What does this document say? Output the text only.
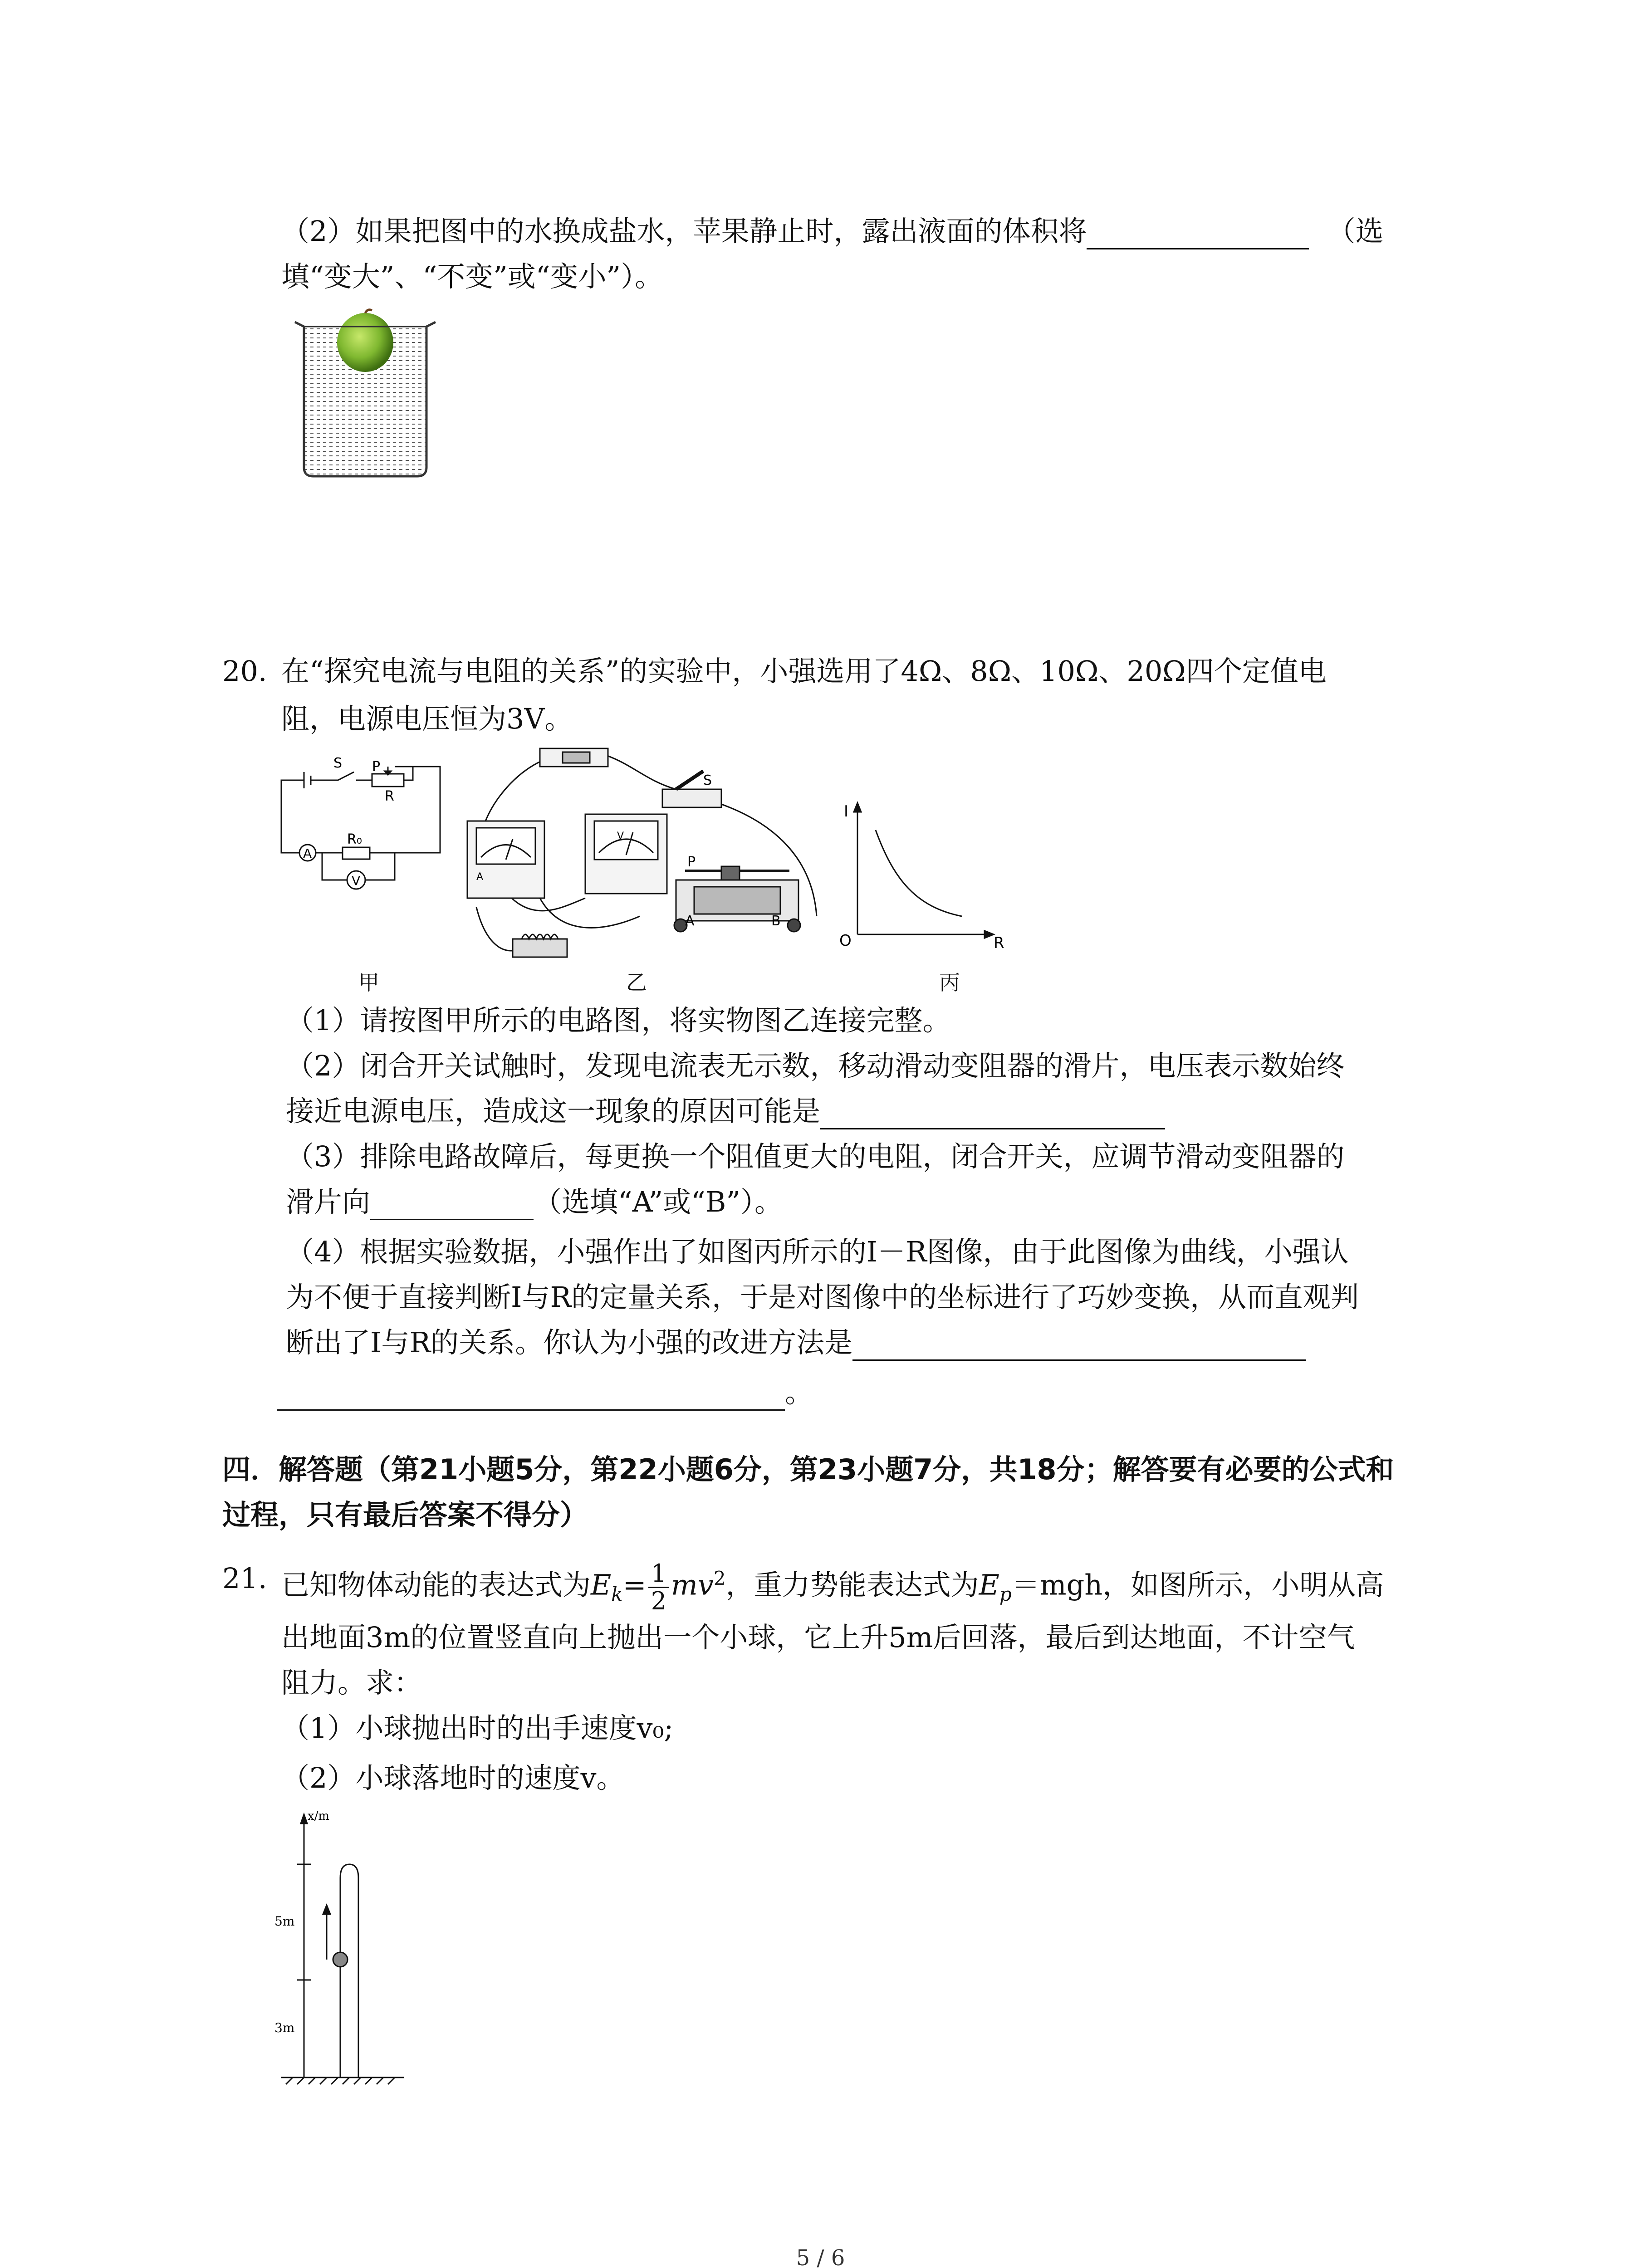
（2）如果把图中的水换成盐水，苹果静止时，露出液面的体积将	（选
填“变大”、“不变”或“变小”）。
20. 在“探究电流与电阻的关系”的实验中，小强选用了4Ω、8Ω、10Ω、20Ω四个定值电
阻，电源电压恒为3V。
S P
R
R₀
A
V	A
V
S
P
A	B
I
O	R
甲	乙	丙
（1）请按图甲所示的电路图，将实物图乙连接完整。
（2）闭合开关试触时，发现电流表无示数，移动滑动变阻器的滑片，电压表示数始终
接近电源电压，造成这一现象的原因可能是
（3）排除电路故障后，每更换一个阻值更大的电阻，闭合开关，应调节滑动变阻器的
滑片向	（选填“A”或“B”）。
（4）根据实验数据，小强作出了如图丙所示的I－R图像，由于此图像为曲线，小强认
为不便于直接判断I与R的定量关系，于是对图像中的坐标进行了巧妙变换，从而直观判
断出了I与R的关系。你认为小强的改进方法是
。
四．解答题（第21小题5分，第22小题6分，第23小题7分，共18分；解答要有必要的公式和
过程，只有最后答案不得分）
21. 已知物体动能的表达式为$E_k= \frac{1}{2} mv^2$，重力势能表达式为$E_p=mgh$，如图所示，小明从高
出地面3m的位置竖直向上抛出一个小球，它上升5m后回落，最后到达地面，不计空气
阻力。求：
（1）小球抛出时的出手速度v₀;
（2）小球落地时的速度v。
x/m
5m
3m
5 / 6
